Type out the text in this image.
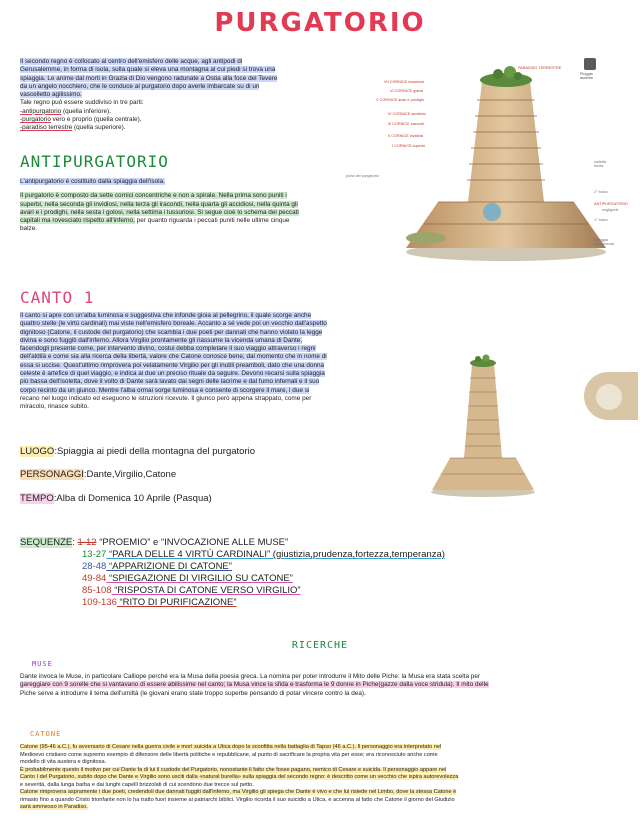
PURGATORIO
Il secondo regno è collocato al centro dell'emisfero delle acque, agli antipodi di
Gerusalemme, in forma di isola, sulla quale si eleva una montagna al cui piedi si trova una
spiaggia. Le anime dal morti in Grazia di Dio vengono radunate a Ostia alla foce del Tevere
da un angelo nocchiero, che le conduce al purgatorio dopo averle imbarcate su di un
vascelletto agilissimo.
Tale regno può essere suddiviso in tre parti:
-antipurgatorio (quella inferiore),
-purgatorio vero e proprio (quella centrale),
-paradiso terrestre (quella superiore).
ANTIPURGATORIO
L'antipurgatorio è costituito dalla spiaggia dell'isola.
Il purgatorio è composto da sette cornici concentriche e non a spirale. Nella prima sono puniti i
superbi, nella seconda gli invidiosi, nella terza gli iracondi, nella quarta gli accidiosi, nella quinta gli
avari e i prodighi, nella sesta i golosi, nella settima i lussuriosi. Si segue cioè lo schema dei peccati
capitali ma rovesciato rispetto all'inferno, per quanto riguarda i peccati puniti nelle ultime cinque
balze.
PARADISO TERRESTRE
Pioggia assente
VII CORNICE lussuriosi
VI CORNICE golosi
V CORNICE avari e prodighi
IV CORNICE accidiosi
III CORNICE iracondi
II CORNICE invidiosi
I CORNICE superbi
porta del purgatorio
valletta fiorita
2° balzo
ANTIPURGATORIO
negligenti
1° balzo
spiaggia scomunicati
CANTO 1
Il canto si apre con un'alba luminosa e suggestiva che infonde gioia al pellegrino, il quale scorge anche
quattro stelle (le virtù cardinali) mai viste nell'emisfero boreale. Accanto a sé vede poi un vecchio dall'aspetto
dignitoso (Catone, il custode del purgatorio) che scambia i due poeti per dannati che hanno violato la legge
divina e sono fuggiti dall'inferno. Allora Virgilio prontamente gli riassume la vicenda umana di Dante,
facendogli presente come, per intervento divino, costui debba completare il suo viaggio attraverso i regni
dell'aldilà e come sia alla ricerca della libertà, valore che Catone conosce bene, dal momento che in nome di
essa si uccise. Quest'ultimo rimprovera poi velatamente Virgilio per gli inutili preamboli, dato che una donna
celeste è artefice di quel viaggio, e indica ai due un preciso rituale da seguire. Devono recarsi sulla spiaggia
più bassa dell'isoletta, dove il volto di Dante sarà lavato dai segni delle lacrime e dal fumo infernali e il suo
corpo recinto da un giunco. Mentre l'alba ormai sorge luminosa e consente di scorgere il mare, i due si
recano nel luogo indicato ed eseguono le istruzioni ricevute. Il giunco però appena strappato, come per
miracolo, rinasce subito.
LUOGO:Spiaggia ai piedi della montagna del purgatorio
PERSONAGGI:Dante,Virgilio,Catone
TEMPO:Alba di Domenica 10 Aprile (Pasqua)
SEQUENZE: 1-12 “PROEMIO” e “INVOCAZIONE ALLE MUSE”
13-27 “PARLA DELLE 4 VIRTÙ CARDINALI” (giustizia,prudenza,fortezza,temperanza)
28-48 “APPARIZIONE DI CATONE”
49-84 “SPIEGAZIONE DI VIRGILIO SU CATONE”
85-108 “RISPOSTA DI CATONE VERSO VIRGILIO”
109-136 “RITO DI PURIFICAZIONE”
RICERCHE
MUSE
Dante invoca le Muse, in particolare Calliope perché era la Musa della poesia greca. La nomina per poter introdurre il Mito delle Piche: la Musa era stata scelta per
gareggiare con 9 sorelle che si vantavano di essere abilissime nel canto; la Musa vince la sfida e trasforma le 9 donne in Piche(gazze dalla voce stridula). Il mito delle
Piche serve a introdurre il tema dell'umiltà (le giovani erano state troppo superbe pensando di potar vincere contro la dea).
CATONE
Catone (95-46 a.C.), fu avversario di Cesare nella guerra civile e morì suicida a Utica dopo la sconfitta nella battaglia di Tapso (46 a.C.). Il personaggio era interpretato nel
Medioevo cristiano come supremo esempio di difensore delle libertà politiche e repubblicane, al punto di sacrificare la propria vita per esse; era riconosciuto anche come
modello di vita austera e dignitosa.
È probabilmente questo il motivo per cui Dante fa di lui il custode del Purgatorio, nonostante il fatto che fosse pagano, nemico di Cesare e suicida. Il personaggio appare nel
Canto I del Purgatorio, subito dopo che Dante e Virgilio sono usciti dalla «natural burella» sulla spiaggia del secondo regno: è descritto come un vecchio che ispira autorevolezza
e severità, dalla lunga barba e dai lunghi capelli brizzolati di cui scendono due trecce sul petto.
Catone rimprovera aspramente i due poeti, credendoli due dannati fuggiti dall'inferno, ma Virgilio gli spiega che Dante è vivo e che lui risiede nel Limbo, dove la stessa Catone è
rimasto fino a quando Cristo trionfante non lo ha tratto fuori insieme ai patriarchi biblici. Virgilio ricorda il suo suicidio a Utica, e accenna al fatto che Catone il giorno del Giudizio
sarà ammesso in Paradiso.
